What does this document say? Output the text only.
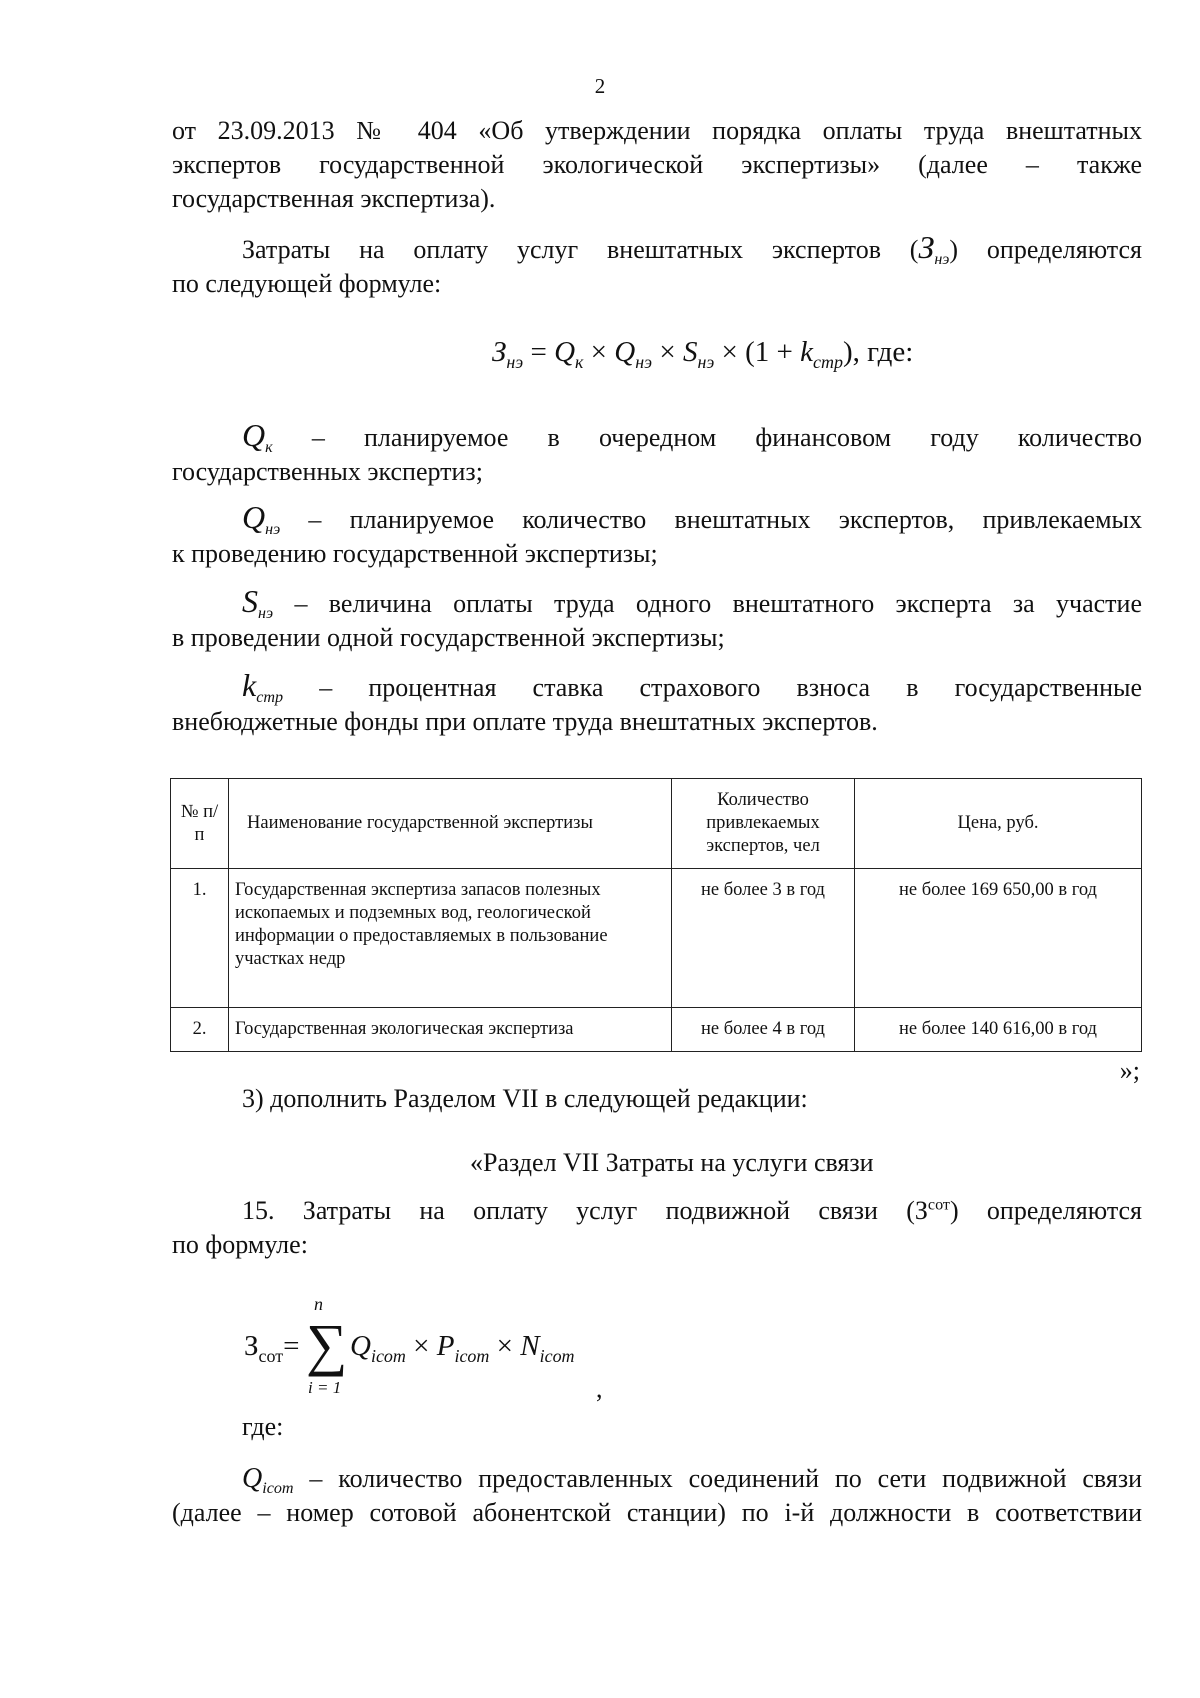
2
от 23.09.2013 № 404 «Об утверждении порядка оплаты труда внештатных
экспертов государственной экологической экспертизы» (далее – также
государственная экспертиза).
Затраты на оплату услуг внештатных экспертов $(З_{нэ})$ определяются
по следующей формуле:
$З_{нэ} = Q_к \times Q_{нэ} \times S_{нэ} \times (1 + k_{стр})$, где:
$Q_к$ – планируемое в очередном финансовом году количество
государственных экспертиз;
$Q_{нэ}$ – планируемое количество внештатных экспертов, привлекаемых
к проведению государственной экспертизы;
$S_{нэ}$ – величина оплаты труда одного внештатного эксперта за участие
в проведении одной государственной экспертизы;
$k_{стр}$ – процентная ставка страхового взноса в государственные
внебюджетные фонды при оплате труда внештатных экспертов.
№ п/п	Наименование государственной экспертизы	Количество привлекаемых экспертов, чел	Цена, руб.
1.	Государственная экспертиза запасов полезных ископаемых и подземных вод, геологической информации о предоставляемых в пользование участках недр	не более 3 в год	не более 169 650,00 в год
2.	Государственная экологическая экспертиза	не более 4 в год	не более 140 616,00 в год
»;
3) дополнить Разделом VII в следующей редакции:
«Раздел VII Затраты на услуги связи
15. Затраты на оплату услуг подвижной связи $(З^{сот})$ определяются
по формуле:
$З_{сот}=$
n
∑
i = 1
$Q_{icom} \times P_{icom} \times N_{icom}$
,
где:
$Q_{icom}$ – количество предоставленных соединений по сети подвижной связи
(далее – номер сотовой абонентской станции) по i-й должности в соответствии
